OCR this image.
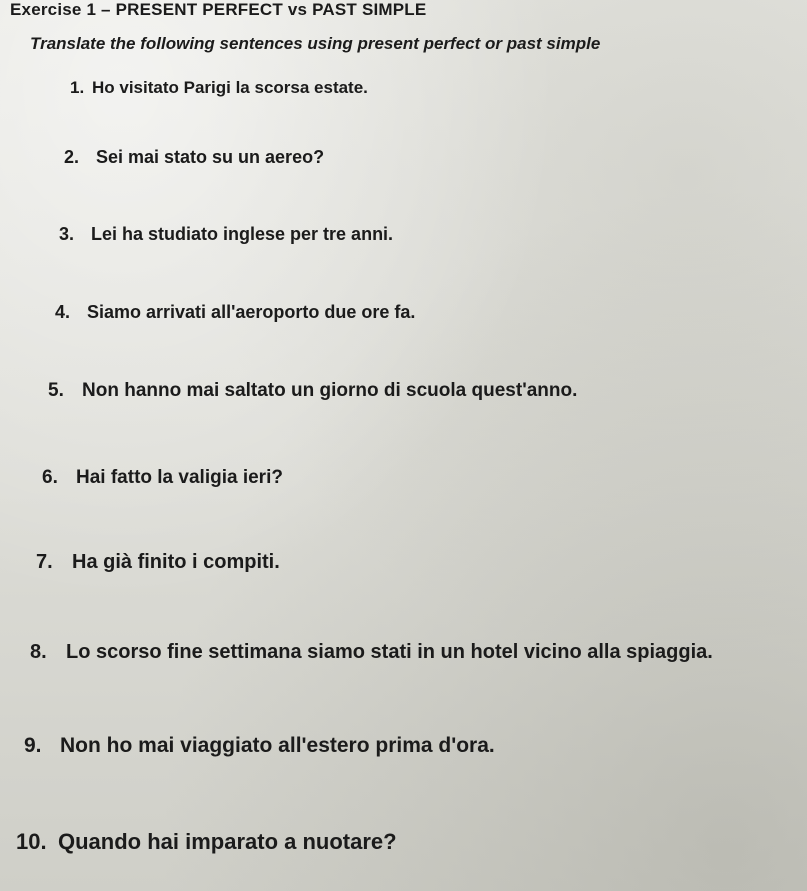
Exercise 1 – PRESENT PERFECT vs PAST SIMPLE
Translate the following sentences using present perfect or past simple
1. Ho visitato Parigi la scorsa estate.
2. Sei mai stato su un aereo?
3. Lei ha studiato inglese per tre anni.
4. Siamo arrivati all'aeroporto due ore fa.
5. Non hanno mai saltato un giorno di scuola quest'anno.
6. Hai fatto la valigia ieri?
7. Ha già finito i compiti.
8. Lo scorso fine settimana siamo stati in un hotel vicino alla spiaggia.
9. Non ho mai viaggiato all'estero prima d'ora.
10. Quando hai imparato a nuotare?
